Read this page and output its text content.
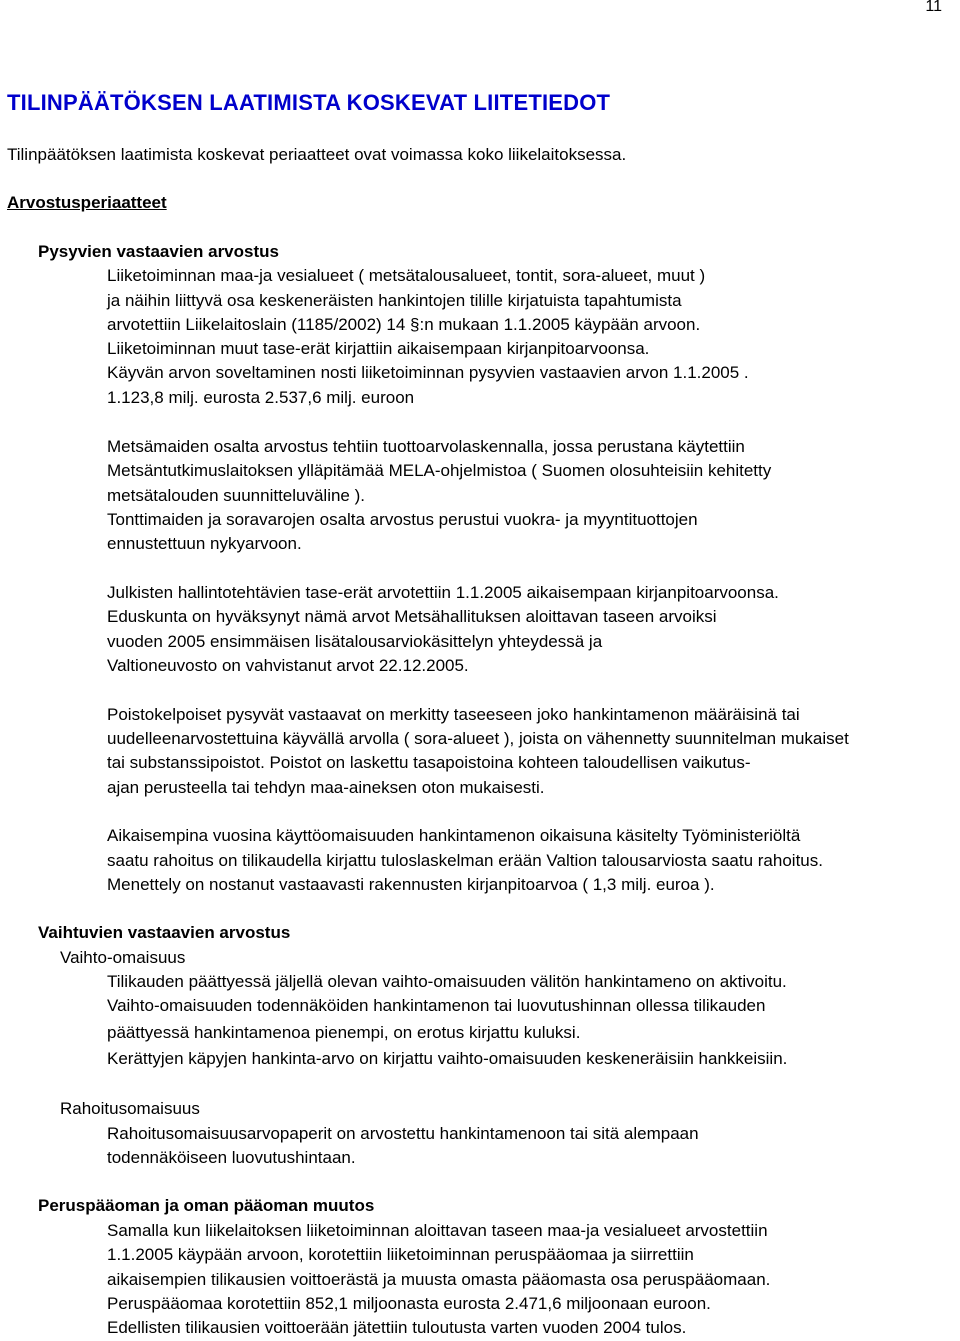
11
TILINPÄÄTÖKSEN LAATIMISTA KOSKEVAT LIITETIEDOT
Tilinpäätöksen laatimista koskevat periaatteet ovat voimassa koko liikelaitoksessa.
Arvostusperiaatteet
Pysyvien vastaavien arvostus
Liiketoiminnan maa-ja vesialueet ( metsätalousalueet, tontit, sora-alueet, muut )
ja näihin liittyvä osa keskeneräisten hankintojen tilille kirjatuista tapahtumista
arvotettiin Liikelaitoslain (1185/2002) 14 §:n mukaan 1.1.2005 käypään arvoon.
Liiketoiminnan muut tase-erät kirjattiin aikaisempaan kirjanpitoarvoonsa.
Käyvän arvon soveltaminen nosti liiketoiminnan pysyvien vastaavien arvon 1.1.2005 .
1.123,8 milj. eurosta 2.537,6 milj. euroon
Metsämaiden osalta arvostus tehtiin tuottoarvolaskennalla, jossa perustana käytettiin
Metsäntutkimuslaitoksen ylläpitämää MELA-ohjelmistoa ( Suomen olosuhteisiin kehitetty
metsätalouden suunnitteluväline ).
Tonttimaiden ja soravarojen osalta arvostus perustui vuokra- ja myyntituottojen
ennustettuun nykyarvoon.
Julkisten hallintotehtävien tase-erät arvotettiin 1.1.2005 aikaisempaan kirjanpitoarvoonsa.
Eduskunta on hyväksynyt nämä arvot Metsähallituksen aloittavan taseen arvoiksi
vuoden 2005 ensimmäisen lisätalousarviokäsittelyn yhteydessä ja
Valtioneuvosto on vahvistanut arvot 22.12.2005.
Poistokelpoiset pysyvät vastaavat on merkitty taseeseen joko hankintamenon määräisinä tai
uudelleenarvostettuina käyvällä arvolla ( sora-alueet ), joista on vähennetty suunnitelman mukaiset
tai substanssipoistot. Poistot on laskettu tasapoistoina kohteen taloudellisen vaikutus-
ajan perusteella tai tehdyn maa-aineksen oton mukaisesti.
Aikaisempina vuosina käyttöomaisuuden hankintamenon oikaisuna käsitelty Työministeriöltä
saatu rahoitus on tilikaudella kirjattu tuloslaskelman erään Valtion talousarviosta saatu rahoitus.
Menettely on nostanut vastaavasti rakennusten kirjanpitoarvoa ( 1,3 milj. euroa ).
Vaihtuvien vastaavien arvostus
Vaihto-omaisuus
Tilikauden päättyessä jäljellä olevan vaihto-omaisuuden välitön hankintameno on aktivoitu.
Vaihto-omaisuuden todennäköiden hankintamenon tai luovutushinnan ollessa tilikauden
päättyessä hankintamenoa pienempi, on erotus kirjattu kuluksi.
Kerättyjen käpyjen hankinta-arvo on kirjattu vaihto-omaisuuden keskeneräisiin hankkeisiin.
Rahoitusomaisuus
Rahoitusomaisuusarvopaperit on arvostettu hankintamenoon tai sitä alempaan
todennäköiseen luovutushintaan.
Peruspääoman ja oman pääoman muutos
Samalla kun liikelaitoksen liiketoiminnan aloittavan taseen maa-ja vesialueet arvostettiin
1.1.2005 käypään arvoon, korotettiin liiketoiminnan peruspääomaa ja siirrettiin
aikaisempien tilikausien voittoerästä ja muusta omasta pääomasta osa peruspääomaan.
Peruspääomaa korotettiin 852,1 miljoonasta eurosta 2.471,6 miljoonaan euroon.
Edellisten tilikausien voittoerään jätettiin tuloutusta varten vuoden 2004 tulos.
